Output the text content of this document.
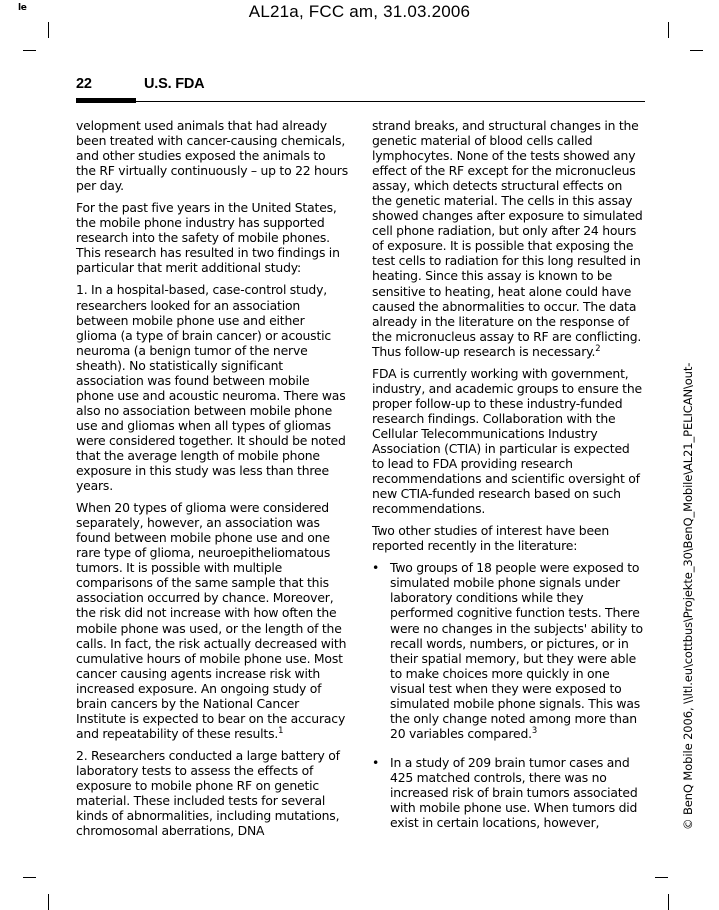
le	AL21a, FCC am, 31.03.2006
© BenQ Mobile 2006, \\ltl.eu\cottbus\Projekte_30\BenQ_Mobile\AL21_PELICAN\out-
22	U.S. FDA

velopment used animals that had already been treated with cancer-causing chemicals, and other studies exposed the animals to the RF virtually continuously – up to 22 hours per day.

For the past five years in the United States, the mobile phone industry has supported research into the safety of mobile phones. This research has resulted in two findings in particular that merit additional study:

1. In a hospital-based, case-control study, researchers looked for an association between mobile phone use and either glioma (a type of brain cancer) or acoustic neuroma (a benign tumor of the nerve sheath). No statistically significant association was found between mobile phone use and acoustic neuroma. There was also no association between mobile phone use and gliomas when all types of gliomas were considered together. It should be noted that the average length of mobile phone exposure in this study was less than three years.

When 20 types of glioma were considered separately, however, an association was found between mobile phone use and one rare type of glioma, neuroepitheliomatous tumors. It is possible with multiple comparisons of the same sample that this association occurred by chance. Moreover, the risk did not increase with how often the mobile phone was used, or the length of the calls. In fact, the risk actually decreased with cumulative hours of mobile phone use. Most cancer causing agents increase risk with increased exposure. An ongoing study of brain cancers by the National Cancer Institute is expected to bear on the accuracy and repeatability of these results.$^1$

2. Researchers conducted a large battery of laboratory tests to assess the effects of exposure to mobile phone RF on genetic material. These included tests for several kinds of abnormalities, including mutations, chromosomal aberrations, DNA

strand breaks, and structural changes in the genetic material of blood cells called lymphocytes. None of the tests showed any effect of the RF except for the micronucleus assay, which detects structural effects on the genetic material. The cells in this assay showed changes after exposure to simulated cell phone radiation, but only after 24 hours of exposure. It is possible that exposing the test cells to radiation for this long resulted in heating. Since this assay is known to be sensitive to heating, heat alone could have caused the abnormalities to occur. The data already in the literature on the response of the micronucleus assay to RF are conflicting. Thus follow-up research is necessary.$^2$

FDA is currently working with government, industry, and academic groups to ensure the proper follow-up to these industry-funded research findings. Collaboration with the Cellular Telecommunications Industry Association (CTIA) in particular is expected to lead to FDA providing research recommendations and scientific oversight of new CTIA-funded research based on such recommendations.

Two other studies of interest have been reported recently in the literature:

• Two groups of 18 people were exposed to simulated mobile phone signals under laboratory conditions while they performed cognitive function tests. There were no changes in the subjects' ability to recall words, numbers, or pictures, or in their spatial memory, but they were able to make choices more quickly in one visual test when they were exposed to simulated mobile phone signals. This was the only change noted among more than 20 variables compared.$^3$

• In a study of 209 brain tumor cases and 425 matched controls, there was no increased risk of brain tumors associated with mobile phone use. When tumors did exist in certain locations, however,
